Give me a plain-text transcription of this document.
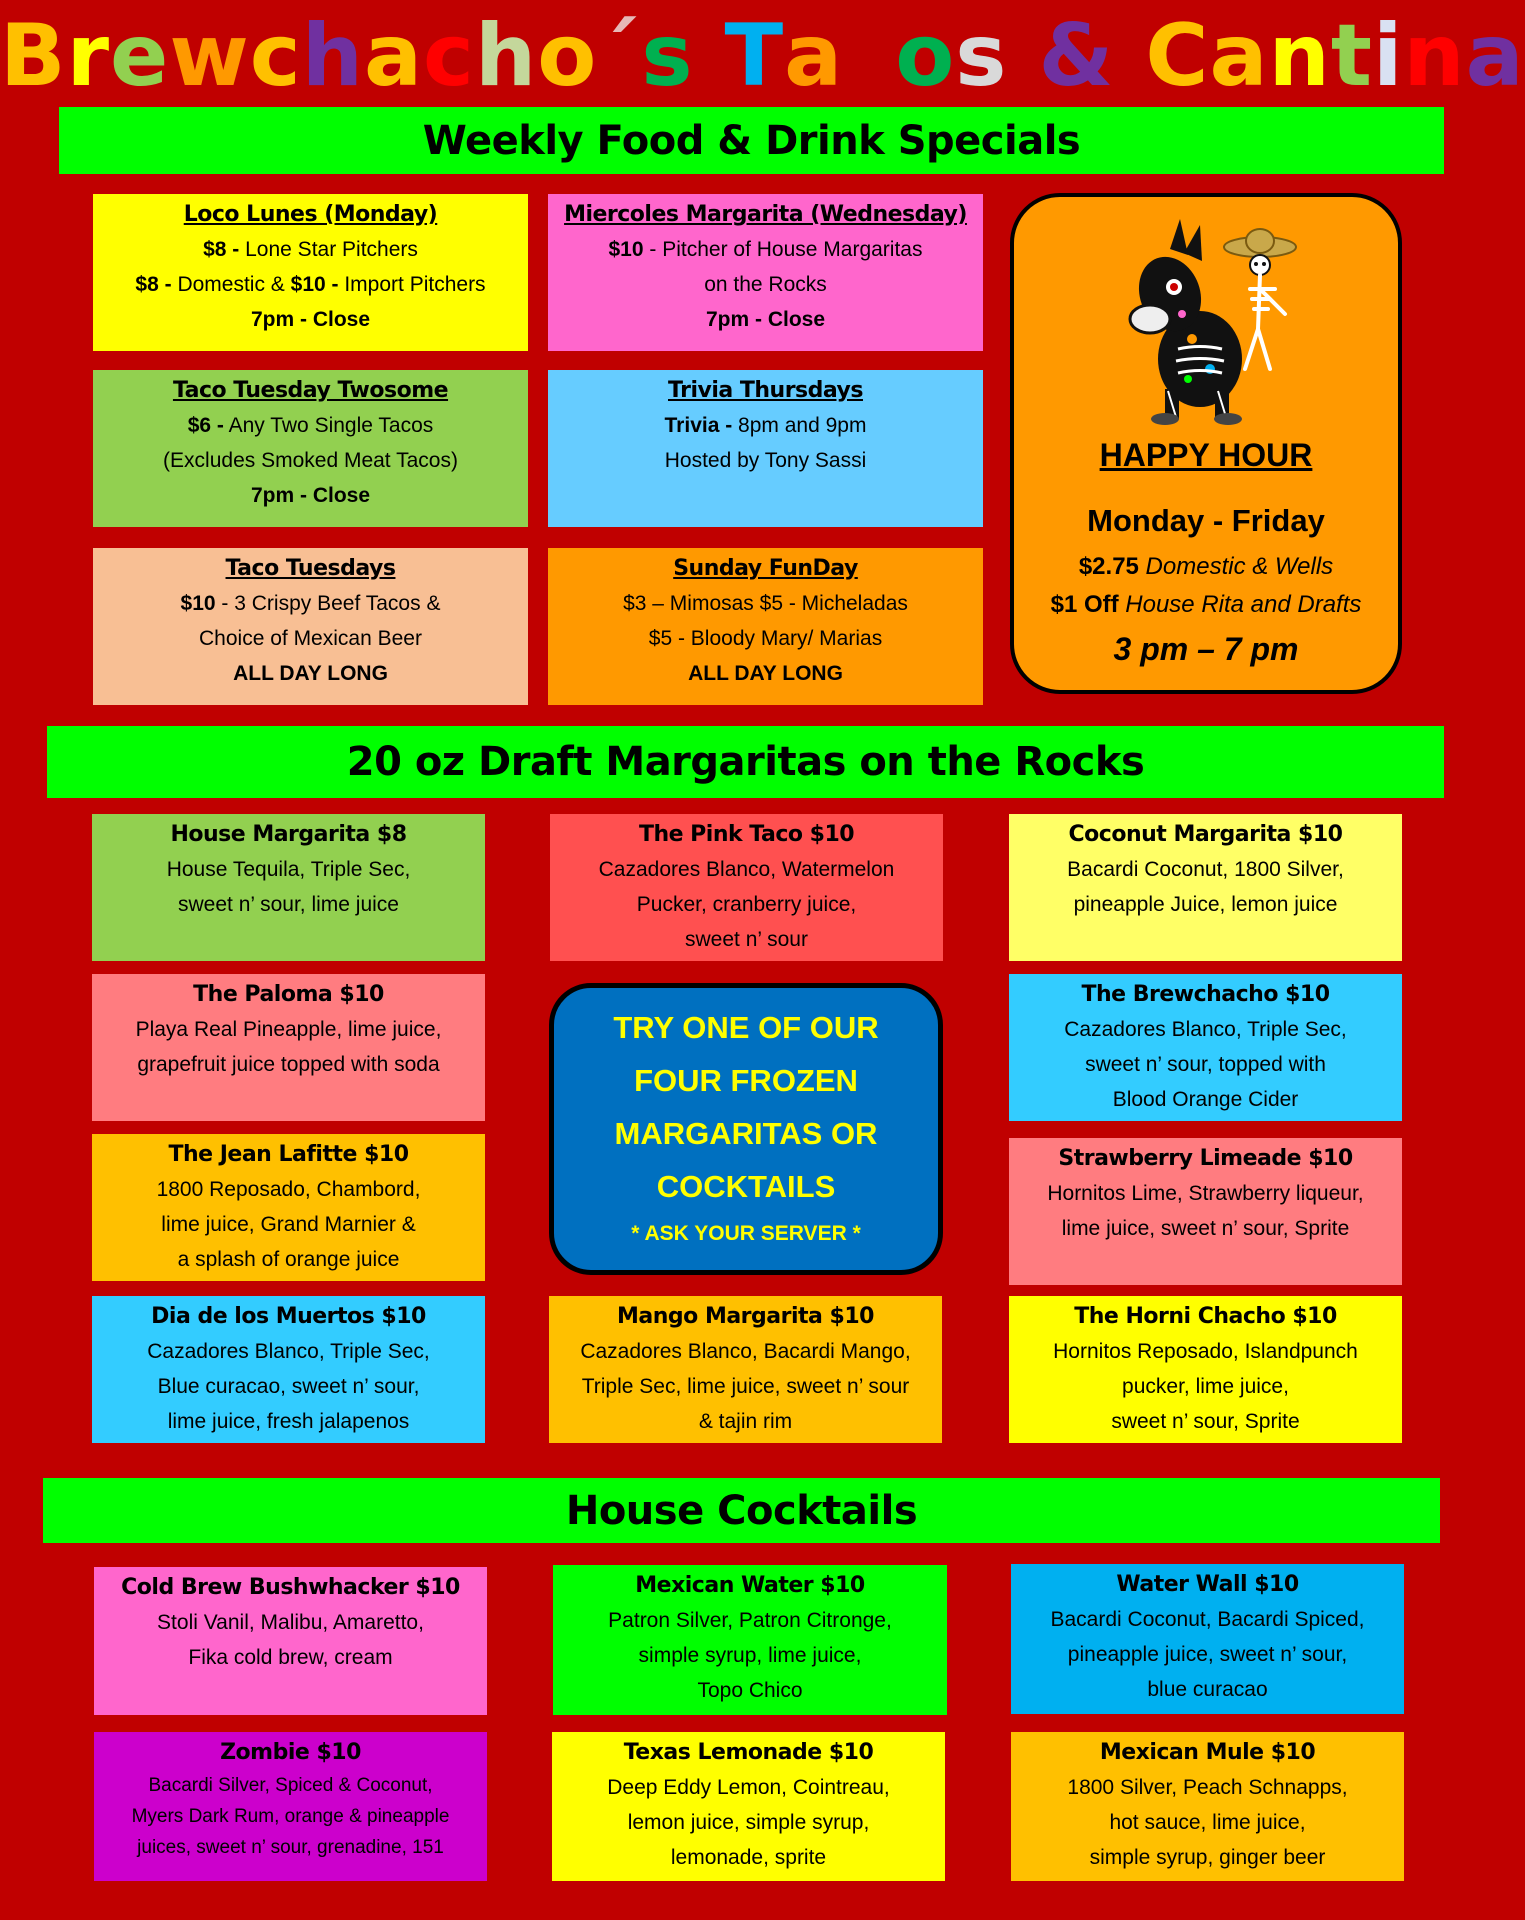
Brewchacho´s Tacos & Cantina
Weekly Food & Drink Specials
Loco Lunes (Monday)
$8 - Lone Star Pitchers
$8 - Domestic & $10 - Import Pitchers
7pm - Close
Miercoles Margarita (Wednesday)
$10 - Pitcher of House Margaritas
on the Rocks
7pm - Close
Taco Tuesday Twosome
$6 - Any Two Single Tacos
(Excludes Smoked Meat Tacos)
7pm - Close
Trivia Thursdays
Trivia - 8pm and 9pm
Hosted by Tony Sassi
Taco Tuesdays
$10 - 3 Crispy Beef Tacos &
Choice of Mexican Beer
ALL DAY LONG
Sunday FunDay
$3 – Mimosas $5 - Micheladas
$5 - Bloody Mary/ Marias
ALL DAY LONG
HAPPY HOUR
Monday - Friday
$2.75 Domestic & Wells
$1 Off House Rita and Drafts
3 pm – 7 pm
20 oz Draft Margaritas on the Rocks
House Margarita $8
House Tequila, Triple Sec,
sweet n’ sour, lime juice
The Pink Taco $10
Cazadores Blanco, Watermelon
Pucker, cranberry juice,
sweet n’ sour
Coconut Margarita $10
Bacardi Coconut, 1800 Silver,
pineapple Juice, lemon juice
The Paloma $10
Playa Real Pineapple, lime juice,
grapefruit juice topped with soda
The Brewchacho $10
Cazadores Blanco, Triple Sec,
sweet n’ sour, topped with
Blood Orange Cider
The Jean Lafitte $10
1800 Reposado, Chambord,
lime juice, Grand Marnier &
a splash of orange juice
Strawberry Limeade $10
Hornitos Lime, Strawberry liqueur,
lime juice, sweet n’ sour, Sprite
TRY ONE OF OUR
FOUR FROZEN
MARGARITAS OR
COCKTAILS
* ASK YOUR SERVER *
Dia de los Muertos $10
Cazadores Blanco, Triple Sec,
Blue curacao, sweet n’ sour,
lime juice, fresh jalapenos
Mango Margarita $10
Cazadores Blanco, Bacardi Mango,
Triple Sec, lime juice, sweet n’ sour
& tajin rim
The Horni Chacho $10
Hornitos Reposado, Islandpunch
pucker, lime juice,
sweet n’ sour, Sprite
House Cocktails
Cold Brew Bushwhacker $10
Stoli Vanil, Malibu, Amaretto,
Fika cold brew, cream
Mexican Water $10
Patron Silver, Patron Citronge,
simple syrup, lime juice,
Topo Chico
Water Wall $10
Bacardi Coconut, Bacardi Spiced,
pineapple juice, sweet n’ sour,
blue curacao
Zombie $10
Bacardi Silver, Spiced & Coconut,
Myers Dark Rum, orange & pineapple
juices, sweet n’ sour, grenadine, 151
Texas Lemonade $10
Deep Eddy Lemon, Cointreau,
lemon juice, simple syrup,
lemonade, sprite
Mexican Mule $10
1800 Silver, Peach Schnapps,
hot sauce, lime juice,
simple syrup, ginger beer
